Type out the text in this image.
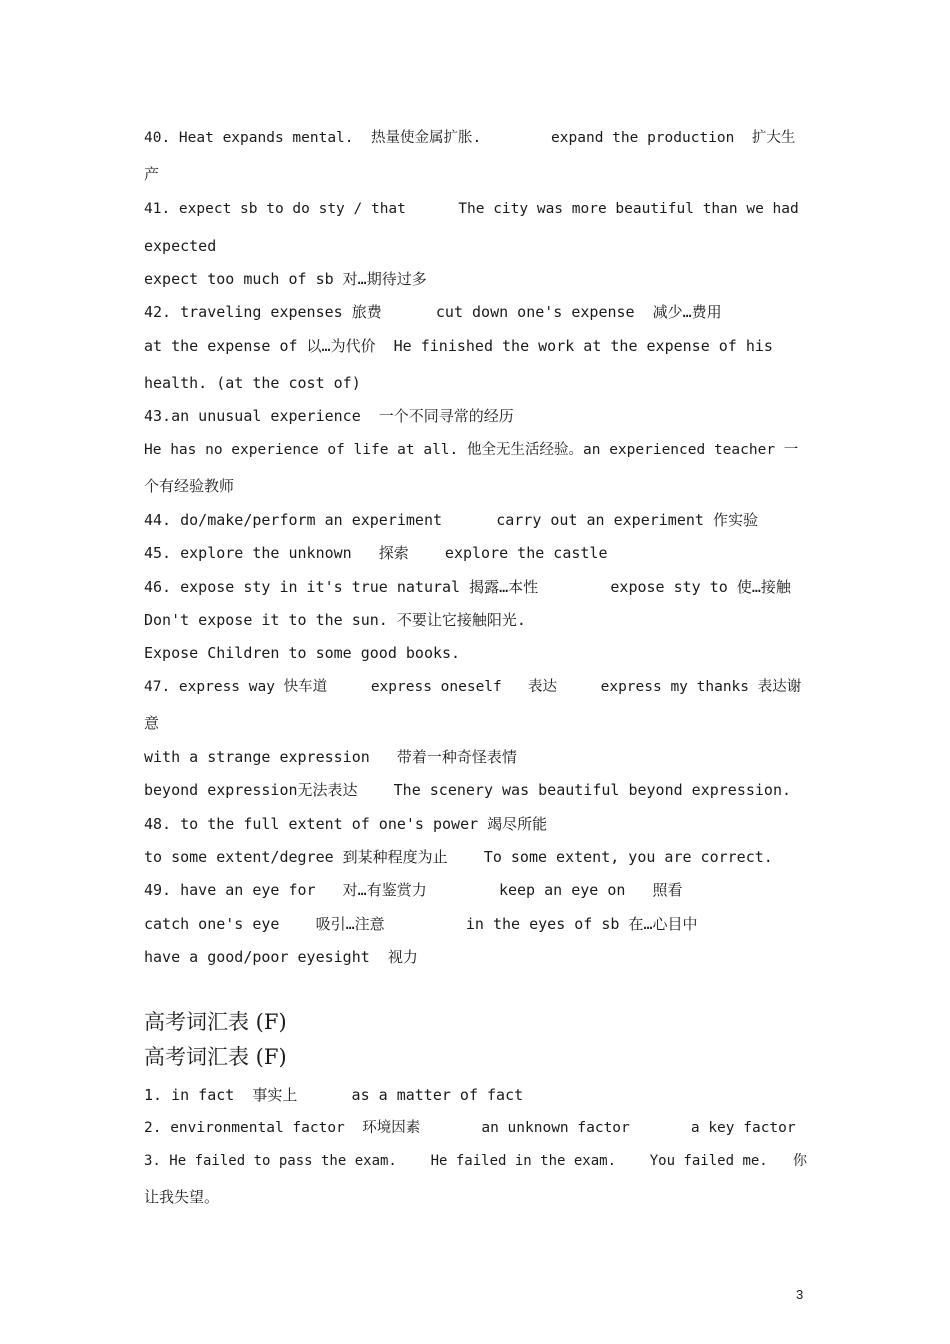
40. Heat expands mental.  热量使金属扩胀.        expand the production  扩大生
产
41. expect sb to do sty / that      The city was more beautiful than we had
expected
expect too much of sb 对…期待过多
42. traveling expenses 旅费      cut down one's expense  减少…费用
at the expense of 以…为代价  He finished the work at the expense of his
health. (at the cost of)
43.an unusual experience  一个不同寻常的经历
He has no experience of life at all. 他全无生活经验。an experienced teacher 一
个有经验教师
44. do/make/perform an experiment      carry out an experiment 作实验
45. explore the unknown   探索    explore the castle
46. expose sty in it's true natural 揭露…本性        expose sty to 使…接触
Don't expose it to the sun. 不要让它接触阳光.
Expose Children to some good books.
47. express way 快车道     express oneself   表达     express my thanks 表达谢
意
with a strange expression   带着一种奇怪表情
beyond expression无法表达    The scenery was beautiful beyond expression.
48. to the full extent of one's power 竭尽所能
to some extent/degree 到某种程度为止    To some extent, you are correct.
49. have an eye for   对…有鉴赏力        keep an eye on   照看
catch one's eye    吸引…注意         in the eyes of sb 在…心目中
have a good/poor eyesight  视力
高考词汇表 (F)
高考词汇表 (F)
1. in fact  事实上      as a matter of fact
2. environmental factor  环境因素       an unknown factor       a key factor
3. He failed to pass the exam.    He failed in the exam.    You failed me.   你
让我失望。
3
